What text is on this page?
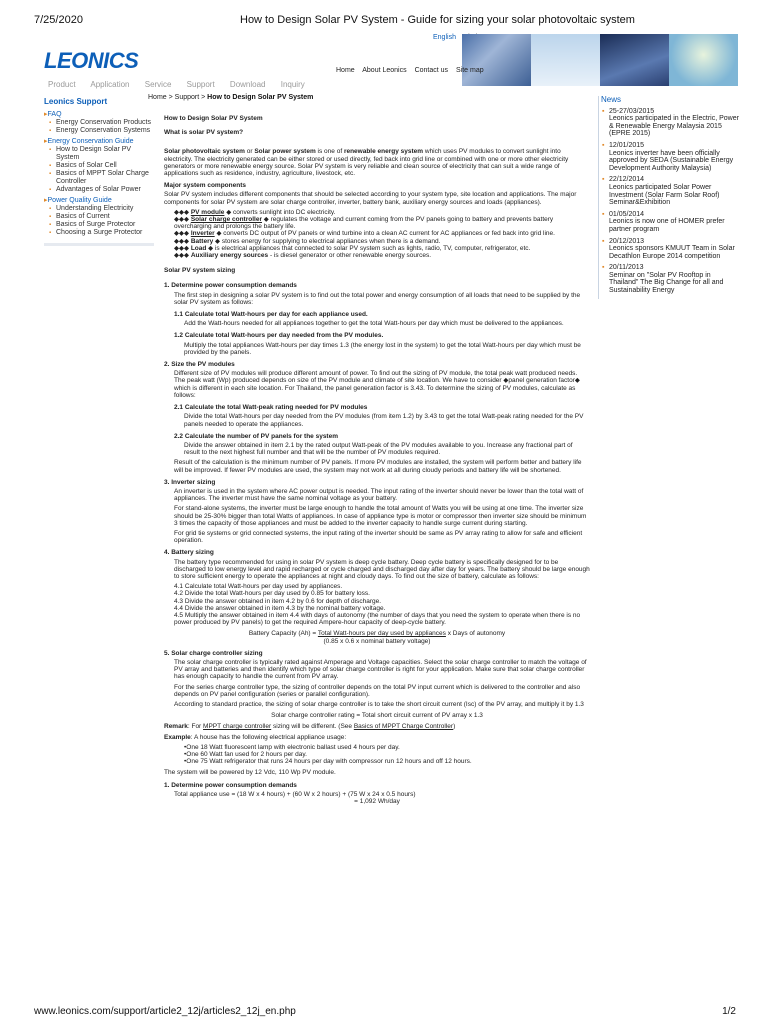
7/25/2020	How to Design Solar PV System - Guide for sizing your solar photovoltaic system
LEONICS
English
Home About Leonics Contact us Site map
Product Application Service Support Download Inquiry
Leonics Support
▸ FAQ
▪ Energy Conservation Products
▪ Energy Conservation Systems
▸ Energy Conservation Guide
▪ How to Design Solar PV System
▪ Basics of Solar Cell
▪ Basics of MPPT Solar Charge Controller
▪ Advantages of Solar Power
▸ Power Quality Guide
▪ Understanding Electricity
▪ Basics of Current
▪ Basics of Surge Protector
▪ Choosing a Surge Protector
Home > Support > How to Design Solar PV System
How to Design Solar PV System
What is solar PV system?

Solar photovoltaic system or Solar power system is one of renewable energy system which uses PV modules to convert sunlight into electricity. The electricity generated can be either stored or used directly, fed back into grid line or combined with one or more other electricity generators or more renewable energy source. Solar PV system is very reliable and clean source of electricity that can suit a wide range of applications such as residence, industry, agriculture, livestock, etc.

Major system components

Solar PV system includes different components that should be selected according to your system type, site location and applications. The major components for solar PV system are solar charge controller, inverter, battery bank, auxiliary energy sources and loads (appliances).

◆◆◆ PV module ◆ converts sunlight into DC electricity.
◆◆◆ Solar charge controller ◆ regulates the voltage and current coming from the PV panels going to battery and prevents battery overcharging and prolongs the battery life.
◆◆◆ Inverter ◆ converts DC output of PV panels or wind turbine into a clean AC current for AC appliances or fed back into grid line.
◆◆◆ Battery ◆ stores energy for supplying to electrical appliances when there is a demand.
◆◆◆ Load ◆ is electrical appliances that connected to solar PV system such as lights, radio, TV, computer, refrigerator, etc.
◆◆◆ Auxiliary energy sources - is diesel generator or other renewable energy sources.
Solar PV system sizing
1. Determine power consumption demands

The first step in designing a solar PV system is to find out the total power and energy consumption of all loads that need to be supplied by the solar PV system as follows:

1.1 Calculate total Watt-hours per day for each appliance used.

Add the Watt-hours needed for all appliances together to get the total Watt-hours per day which must be delivered to the appliances.

1.2 Calculate total Watt-hours per day needed from the PV modules.

Multiply the total appliances Watt-hours per day times 1.3 (the energy lost in the system) to get the total Watt-hours per day which must be provided by the panels.

2. Size the PV modules

Different size of PV modules will produce different amount of power. To find out the sizing of PV module, the total peak watt produced needs. The peak watt (Wp) produced depends on size of the PV module and climate of site location. We have to consider ◆panel generation factor◆ which is different in each site location. For Thailand, the panel generation factor is 3.43. To determine the sizing of PV modules, calculate as follows:

2.1 Calculate the total Watt-peak rating needed for PV modules

Divide the total Watt-hours per day needed from the PV modules (from item 1.2) by 3.43 to get the total Watt-peak rating needed for the PV panels needed to operate the appliances.

2.2 Calculate the number of PV panels for the system

Divide the answer obtained in item 2.1 by the rated output Watt-peak of the PV modules available to you. Increase any fractional part of result to the next highest full number and that will be the number of PV modules required.

Result of the calculation is the minimum number of PV panels. If more PV modules are installed, the system will perform better and battery life will be improved. If fewer PV modules are used, the system may not work at all during cloudy periods and battery life will be shortened.

3. Inverter sizing

An inverter is used in the system where AC power output is needed. The input rating of the inverter should never be lower than the total watt of appliances. The inverter must have the same nominal voltage as your battery.

For stand-alone systems, the inverter must be large enough to handle the total amount of Watts you will be using at one time. The inverter size should be 25-30% bigger than total Watts of appliances. In case of appliance type is motor or compressor then inverter size should be minimum 3 times the capacity of those appliances and must be added to the inverter capacity to handle surge current during starting.

For grid tie systems or grid connected systems, the input rating of the inverter should be same as PV array rating to allow for safe and efficient operation.

4. Battery sizing

The battery type recommended for using in solar PV system is deep cycle battery. Deep cycle battery is specifically designed for to be discharged to low energy level and rapid recharged or cycle charged and discharged day after day for years. The battery should be large enough to store sufficient energy to operate the appliances at night and cloudy days. To find out the size of battery, calculate as follows:

4.1 Calculate total Watt-hours per day used by appliances.
4.2 Divide the total Watt-hours per day used by 0.85 for battery loss.
4.3 Divide the answer obtained in item 4.2 by 0.6 for depth of discharge.
4.4 Divide the answer obtained in item 4.3 by the nominal battery voltage.
4.5 Multiply the answer obtained in item 4.4 with days of autonomy (the number of days that you need the system to operate when there is no power produced by PV panels) to get the required Ampere-hour capacity of deep-cycle battery.
Battery Capacity (Ah) = Total Watt-hours per day used by appliances x Days of autonomy
(0.85 x 0.6 x nominal battery voltage)
5. Solar charge controller sizing

The solar charge controller is typically rated against Amperage and Voltage capacities. Select the solar charge controller to match the voltage of PV array and batteries and then identify which type of solar charge controller is right for your application. Make sure that solar charge controller has enough capacity to handle the current from PV array.

For the series charge controller type, the sizing of controller depends on the total PV input current which is delivered to the controller and also depends on PV panel configuration (series or parallel configuration).

According to standard practice, the sizing of solar charge controller is to take the short circuit current (Isc) of the PV array, and multiply it by 1.3

Solar charge controller rating = Total short circuit current of PV array x 1.3

Remark: For MPPT charge controller sizing will be different. (See Basics of MPPT Charge Controller)

Example: A house has the following electrical appliance usage:

• One 18 Watt fluorescent lamp with electronic ballast used 4 hours per day.
• One 60 Watt fan used for 2 hours per day.
• One 75 Watt refrigerator that runs 24 hours per day with compressor run 12 hours and off 12 hours.

The system will be powered by 12 Vdc, 110 Wp PV module.

1. Determine power consumption demands
Total appliance use = (18 W x 4 hours) + (60 W x 2 hours) + (75 W x 24 x 0.5 hours)
= 1,092 Wh/day
News
▪ 25-27/03/2015
Leonics participated in the Electric, Power & Renewable Energy Malaysia 2015 (EPRE 2015)
▪ 12/01/2015
Leonics inverter have been officially approved by SEDA (Sustainable Energy Development Authority Malaysia)
▪ 22/12/2014
Leonics participated Solar Power Investment (Solar Farm Solar Roof) Seminar&Exhibition
▪ 01/05/2014
Leonics is now one of HOMER prefer partner program
▪ 20/12/2013
Leonics sponsors KMUUT Team in Solar Decathlon Europe 2014 competition
▪ 20/11/2013
Seminar on "Solar PV Rooftop in Thailand" The Big Change for all and Sustainability Energy
www.leonics.com/support/article2_12j/articles2_12j_en.php	1/2
